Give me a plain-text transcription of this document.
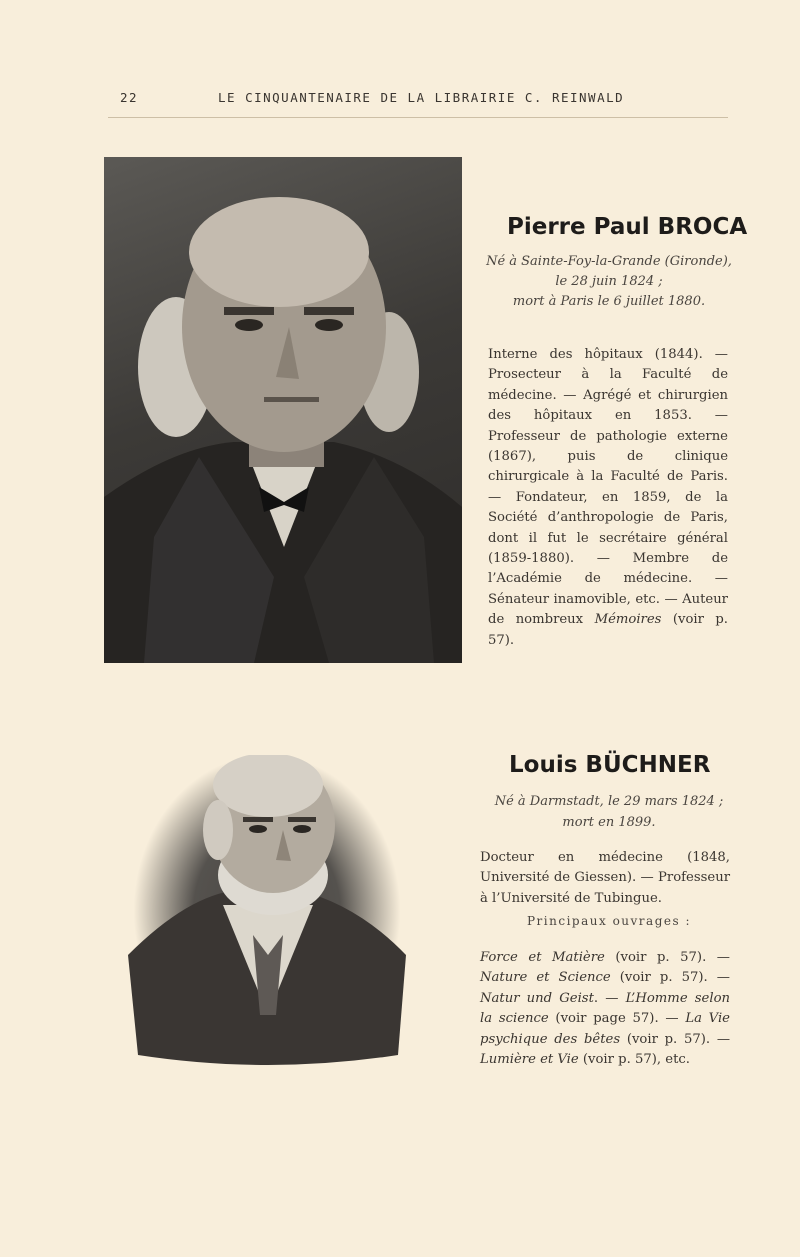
22	LE CINQUANTENAIRE DE LA LIBRAIRIE C. REINWALD
Pierre Paul BROCA
Né à Sainte-Foy-la-Grande (Gironde),
le 28 juin 1824 ;
mort à Paris le 6 juillet 1880.
Interne des hôpitaux (1844). — Prosecteur à la Faculté de médecine. — Agrégé et chirurgien des hôpitaux en 1853. — Professeur de pathologie externe (1867), puis de clinique chirurgicale à la Faculté de Paris. — Fondateur, en 1859, de la Société d’anthropologie de Paris, dont il fut le secrétaire général (1859-1880). — Membre de l’Académie de médecine. — Sénateur inamovible, etc. — Auteur de nombreux Mémoires (voir p. 57).
Louis BÜCHNER
Né à Darmstadt, le 29 mars 1824 ;
mort en 1899.
Docteur en médecine (1848, Université de Giessen). — Professeur à l’Université de Tubingue.
Principaux ouvrages :
Force et Matière (voir p. 57). — Nature et Science (voir p. 57). — Natur und Geist. — L’Homme selon la science (voir page 57). — La Vie psychique des bêtes (voir p. 57). — Lumière et Vie (voir p. 57), etc.
